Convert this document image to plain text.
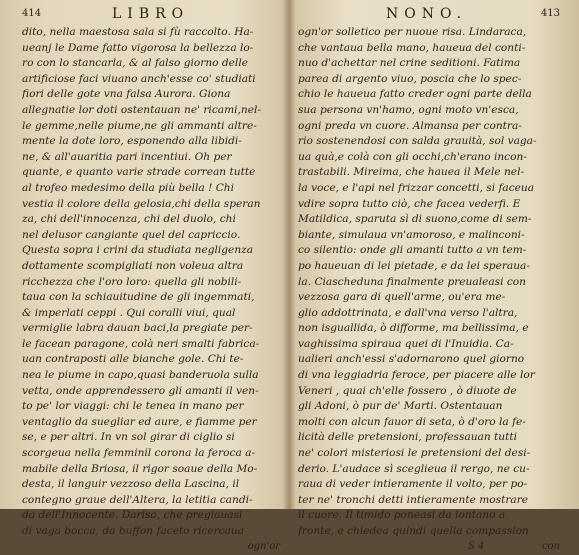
414	LIBRO
dito, nella maestosa sala si fù raccolto. Ha-
ueanj le Dame fatto vigorosa la bellezza lo-
ro con lo stancarla, & al falso giorno delle
artificiose faci viuano anch'esse co' studiati
fiori delle gote vna falsa Aurora. Giona
allegnatie lor doti ostentauan ne' ricami,nel-
le gemme,nelle piume,ne gli ammanti altre-
mente la dote loro, esponendo alla libidi-
ne, & all'auaritia pari incentiui. Oh per
quante, e quanto varie strade correan tutte
al trofeo medesimo della più bella ! Chi
vestia il colore della gelosia,chi della speran
za, chi dell'innocenza, chi del duolo, chi
nel delusor cangiante quel del capriccio.
Questa sopra i crini da studiata negligenza
dottamente scompigliati non voleua altra
ricchezza che l'oro loro: quella gli nobili-
taua con la schiauitudine de gli ingemmati,
& imperlati ceppi . Qui coralli viui, qual
vermiglie labra dauan baci,la pregiate per-
le facean paragone, colà neri smalti fabrica-
uan contraposti alle bianche gole. Chi te-
nea le piume in capo,quasi banderuola sulla
vetta, onde apprendessero gli amanti il ven-
to pe' lor viaggi: chi le tenea in mano per
ventaglio da suegliar ed aure, e fiamme per
se, e per altri. In vn sol girar di ciglio si
scorgeua nella femminil corona la feroca a-
mabile della Briosa, il rigor soaue della Mo-
desta, il languir vezzoso della Lascina, il
contegno graue dell'Altera, la letitia candi-
da dell'Innocente. Darisa, che pregiauasi
di vaga bocca, da buffon faceto ricercaua
ogn'or
NONO.	413
ogn'or solletico per nuoue risa. Lindaraca,
che vantaua bella mano, haueua del conti-
nuo d'achettar nel crine seditioni. Fatima
parea di argento viuo, poscia che lo spec-
chio le haueua fatto creder ogni parte della
sua persona vn'hamo, ogni moto vn'esca,
ogni preda vn cuore. Almansa per contra-
rio sostenendosi con salda grauità, sol vaga-
ua quà,e colà con gli occhi,ch'erano incon-
trastabili. Mireima, che hauea il Mele nel-
la voce, e l'api nel frizzar concetti, si faceua
vdire sopra tutto ciò, che facea vederfi. E
Matildica, sparuta sì di suono,come di sem-
biante, simulaua vn'amoroso, e malinconi-
co silentio: onde gli amanti tutto a vn tem-
po haueuan di lei pietade, e da lei speraua-
la. Ciascheduna finalmente preualeasi con
vezzosa gara di quell'arme, ou'era me-
glio addottrinata, e dall'vna verso l'altra,
non isguallida, ò difforme, ma bellissima, e
vaghissima spiraua quei di l'Inuidia. Ca-
ualieri anch'essi s'adornarono quel giorno
di vna leggiadria feroce, per piacere alle lor
Veneri , quai ch'elle fossero , ò diuote de
gli Adoni, ò pur de' Marti. Ostentauan
molti con alcun fauor di seta, ò d'oro la fe-
licità delle pretensioni, professauan tutti
ne' colori misteriosi le pretensioni del desi-
derio. L'audace sì sceglieua il rergo, ne cu-
raua di veder intieramente il volto, per po-
ter ne' tronchi detti intieramente mostrare
il cuore. Il timido poneasi da lontano a
fronte, e chiedea quindi quella compassion
S 4	con
